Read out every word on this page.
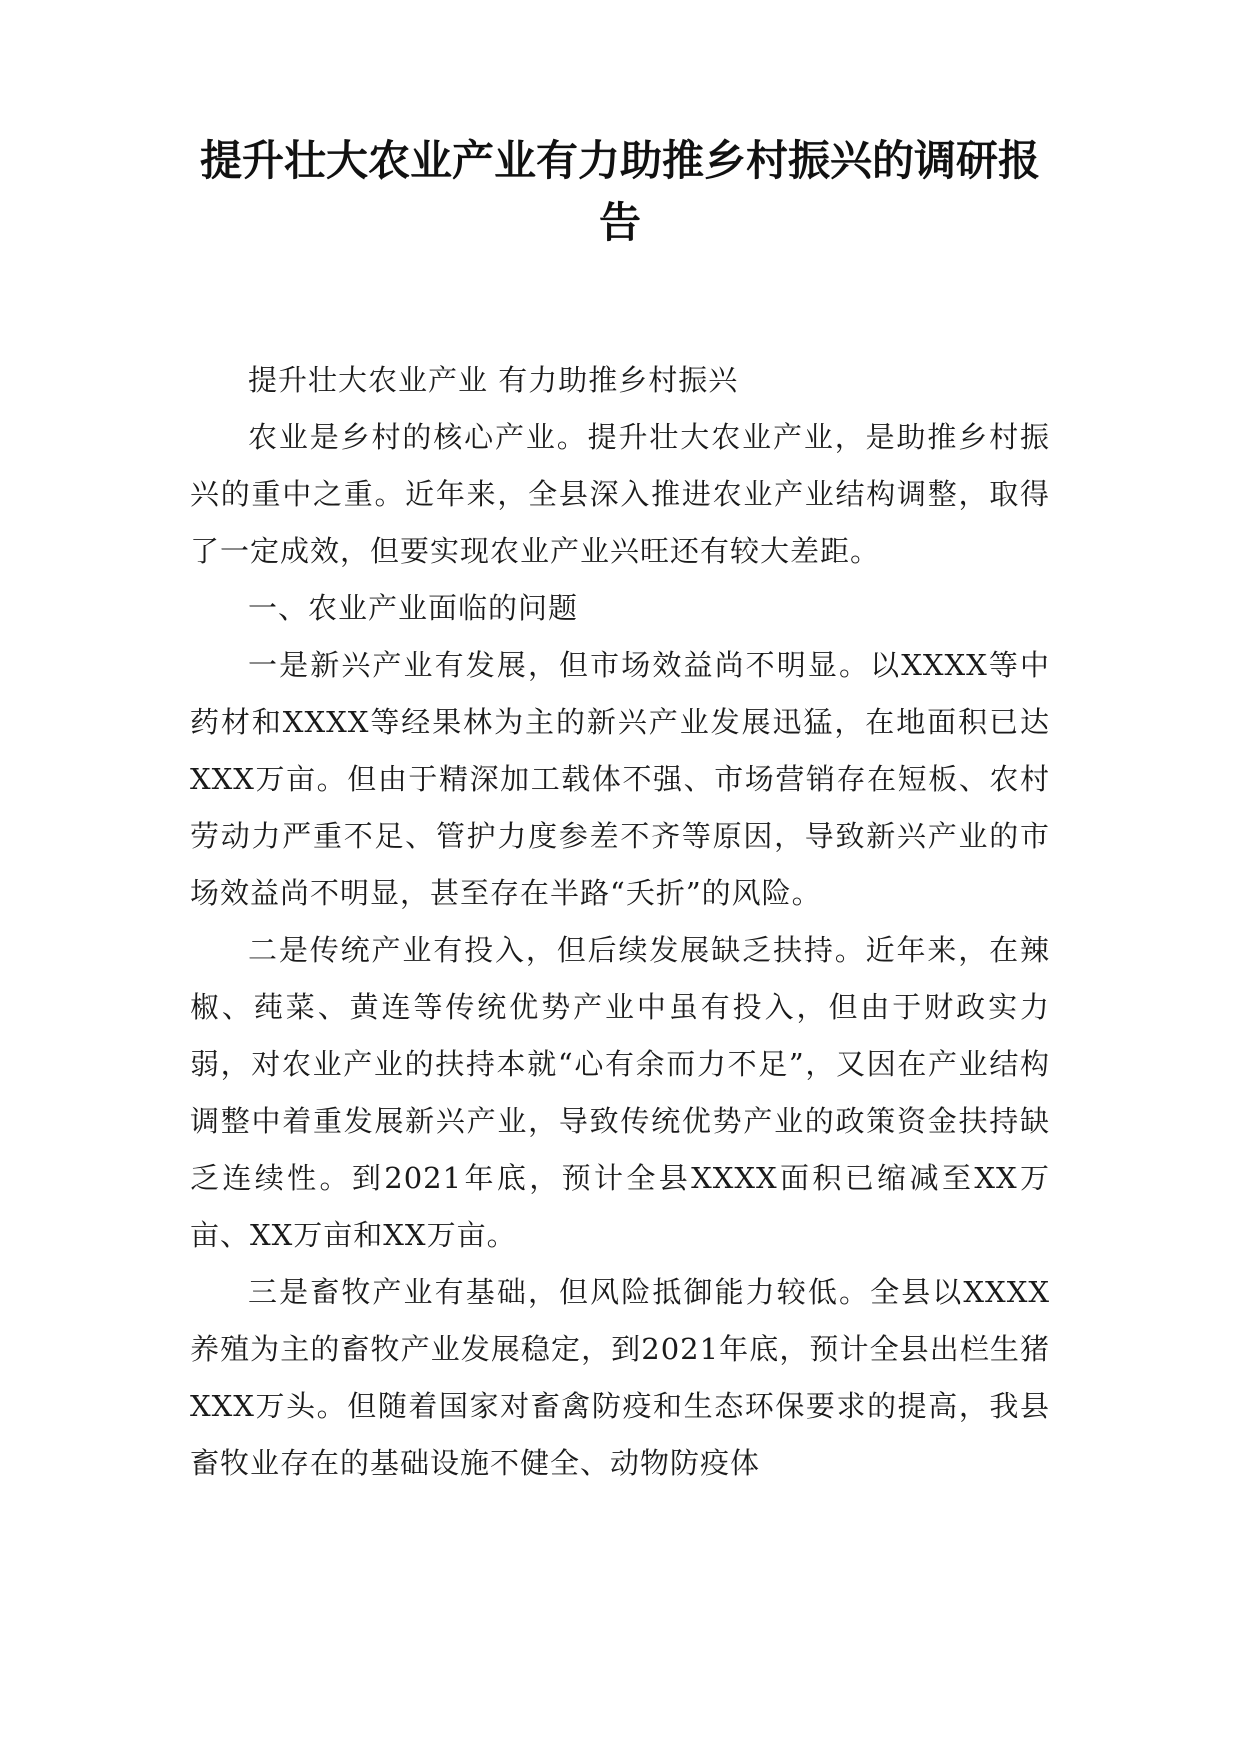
提升壮大农业产业有力助推乡村振兴的调研报告

提升壮大农业产业 有力助推乡村振兴

农业是乡村的核心产业。提升壮大农业产业，是助推乡村振兴的重中之重。近年来，全县深入推进农业产业结构调整，取得了一定成效，但要实现农业产业兴旺还有较大差距。

一、农业产业面临的问题

一是新兴产业有发展，但市场效益尚不明显。以XXXX等中药材和XXXX等经果林为主的新兴产业发展迅猛，在地面积已达XXX万亩。但由于精深加工载体不强、市场营销存在短板、农村劳动力严重不足、管护力度参差不齐等原因，导致新兴产业的市场效益尚不明显，甚至存在半路“夭折”的风险。

二是传统产业有投入，但后续发展缺乏扶持。近年来，在辣椒、莼菜、黄连等传统优势产业中虽有投入，但由于财政实力弱，对农业产业的扶持本就“心有余而力不足”，又因在产业结构调整中着重发展新兴产业，导致传统优势产业的政策资金扶持缺乏连续性。到2021年底，预计全县XXXX面积已缩减至XX万亩、XX万亩和XX万亩。

三是畜牧产业有基础，但风险抵御能力较低。全县以XXXX养殖为主的畜牧产业发展稳定，到2021年底，预计全县出栏生猪XXX万头。但随着国家对畜禽防疫和生态环保要求的提高，我县畜牧业存在的基础设施不健全、动物防疫体
